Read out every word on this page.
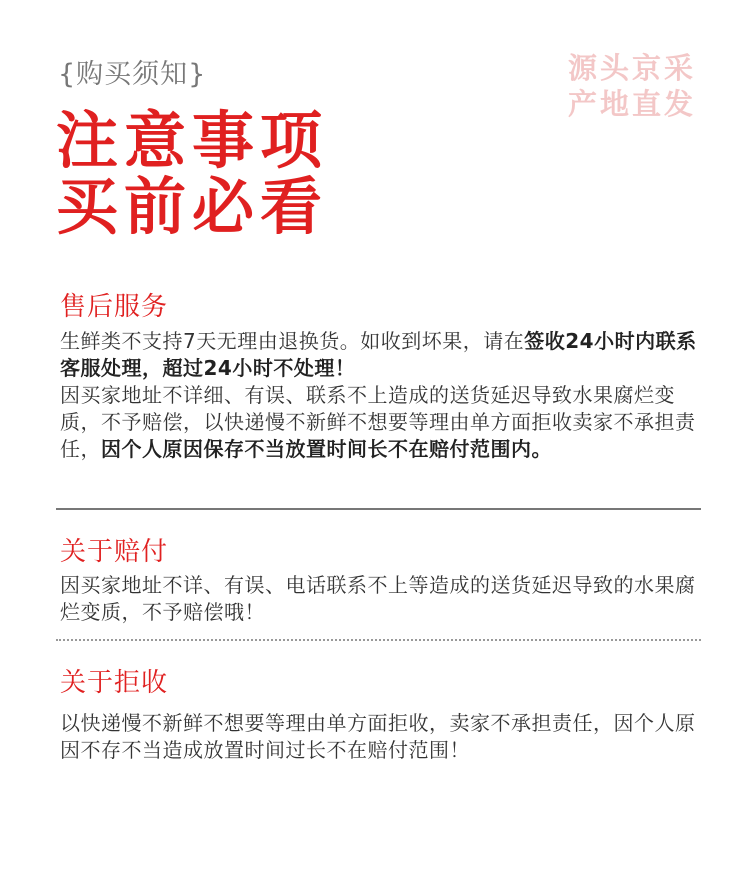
{购买须知}	源头京采
产地直发
注意事项
买前必看
售后服务

生鲜类不支持7天无理由退换货。如收到坏果，请在签收24小时内联系客服处理，超过24小时不处理！

因买家地址不详细、有误、联系不上造成的送货延迟导致水果腐烂变质，不予赔偿，以快递慢不新鲜不想要等理由单方面拒收卖家不承担责任，因个人原因保存不当放置时间长不在赔付范围内。

关于赔付
因买家地址不详、有误、电话联系不上等造成的送货延迟导致的水果腐烂变质，不予赔偿哦！
关于拒收
以快递慢不新鲜不想要等理由单方面拒收，卖家不承担责任，因个人原因不存不当造成放置时间过长不在赔付范围！
